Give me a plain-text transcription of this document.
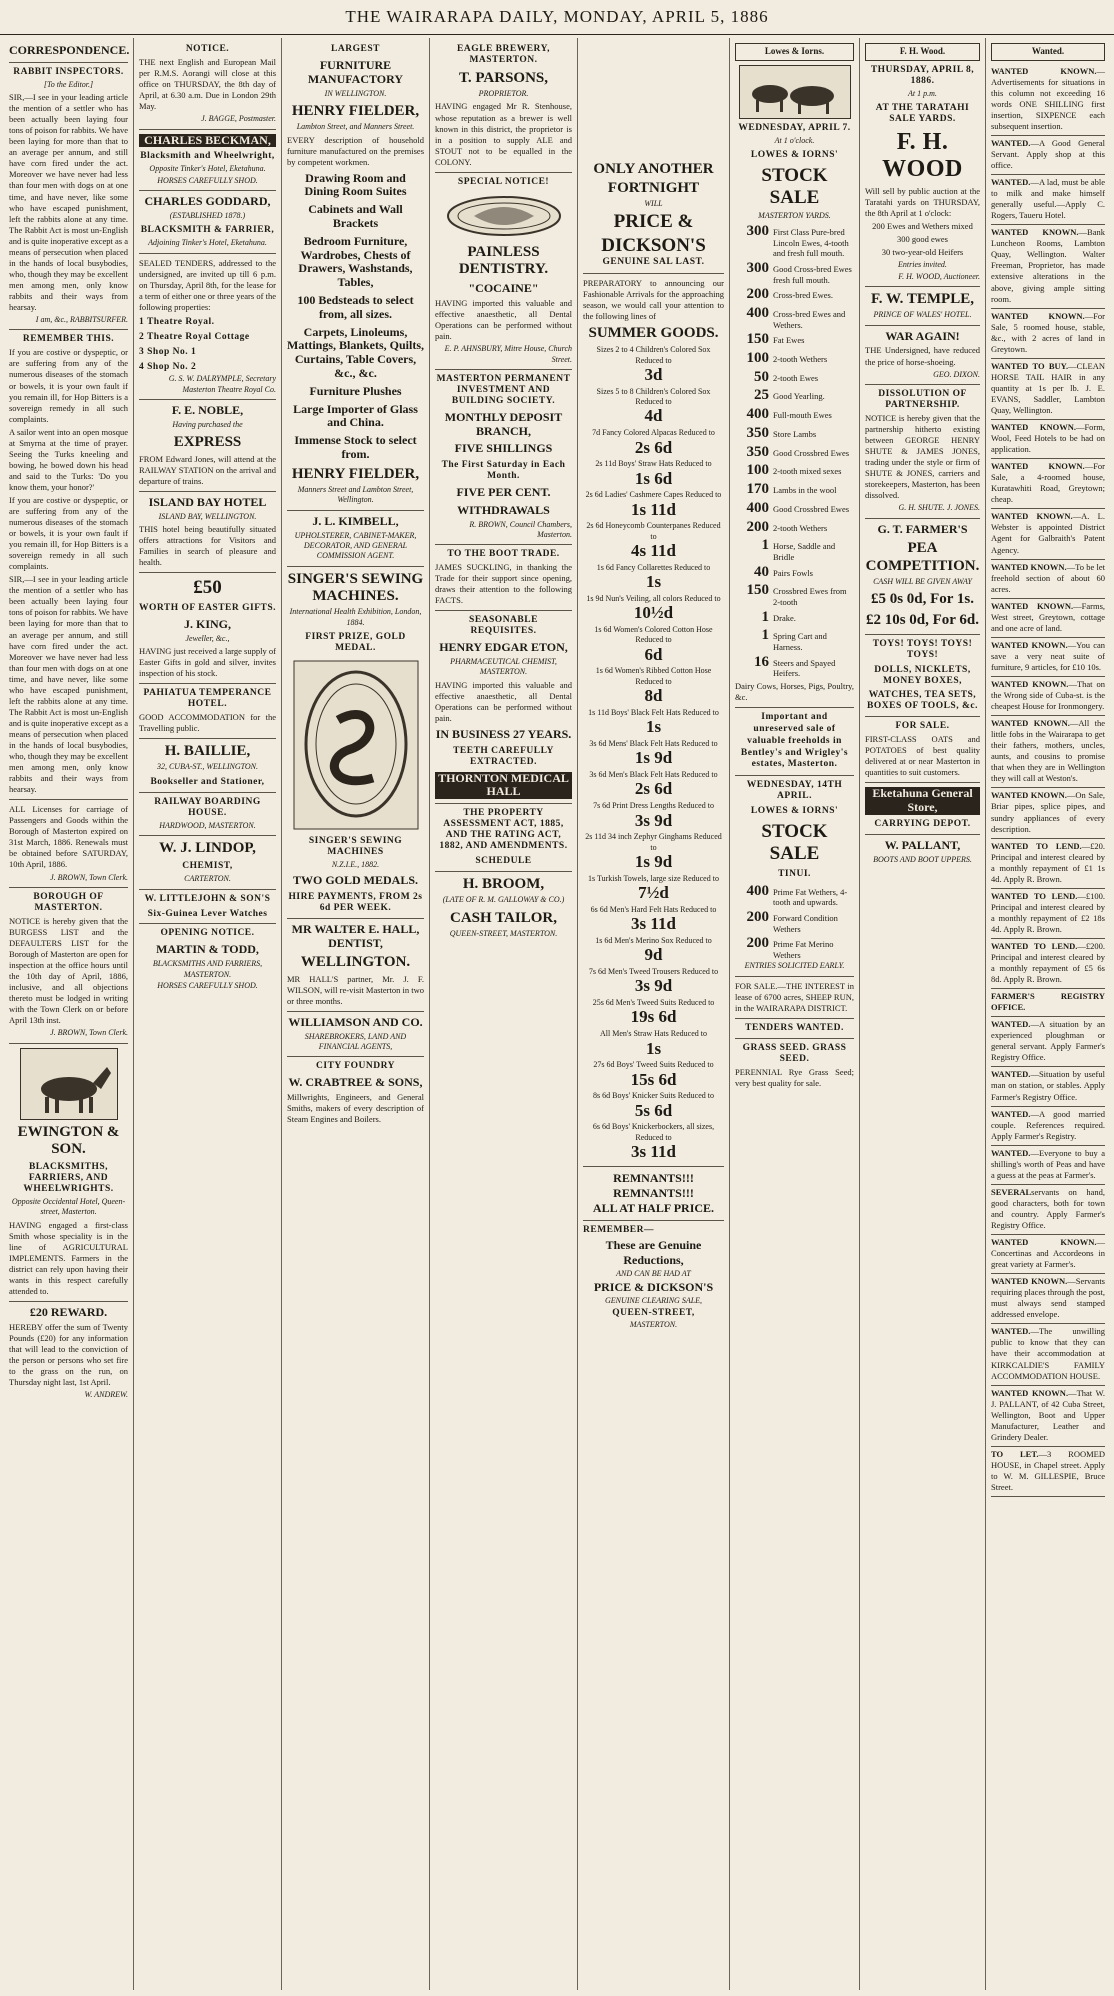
THE WAIRARAPA DAILY, MONDAY, APRIL 5, 1886
CORRESPONDENCE.
RABBIT INSPECTORS.
[To the Editor.]
SIR,—I see in your leading article the mention of a settler who has been actually been laying four tons of poison for rabbits. We have been laying for more than that to an average per annum, and still have corn fired under the act. Moreover we have never had less than four men with dogs on at one time, and have never, like some who have escaped punishment, left the rabbits alone at any time. The Rabbit Act is most un-English and is quite inoperative except as a means of persecution when placed in the hands of local busybodies, who, though they may be excellent men among men, only know rabbits and their ways from hearsay.
I am, &c., RABBITSURFER.
REMEMBER THIS.
If you are costive or dyspeptic, or are suffering from any of the numerous diseases of the stomach or bowels, it is your own fault if you remain ill, for Hop Bitters is a sovereign remedy in all such complaints.
A sailor went into an open mosque at Smyrna at the time of prayer. Seeing the Turks kneeling and bowing, he bowed down his head and said to the Turks: 'Do you know them, your honor?'
If you are costive or dyspeptic, or are suffering from any of the numerous diseases of the stomach or bowels, it is your own fault if you remain ill, for Hop Bitters is a sovereign remedy in all such complaints.
SIR,—I see in your leading article the mention of a settler who has been actually been laying four tons of poison for rabbits. We have been laying for more than that to an average per annum, and still have corn fired under the act. Moreover we have never had less than four men with dogs on at one time, and have never, like some who have escaped punishment, left the rabbits alone at any time. The Rabbit Act is most un-English and is quite inoperative except as a means of persecution when placed in the hands of local busybodies, who, though they may be excellent men among men, only know rabbits and their ways from hearsay.
ALL Licenses for carriage of Passengers and Goods within the Borough of Masterton expired on 31st March, 1886. Renewals must be obtained before SATURDAY, 10th April, 1886.
J. BROWN, Town Clerk.
BOROUGH OF MASTERTON.
NOTICE is hereby given that the BURGESS LIST and the DEFAULTERS LIST for the Borough of Masterton are open for inspection at the office hours until the 10th day of April, 1886, inclusive, and all objections thereto must be lodged in writing with the Town Clerk on or before April 13th inst.
J. BROWN, Town Clerk.
EWINGTON & SON.
BLACKSMITHS, FARRIERS, AND WHEELWRIGHTS.
Opposite Occidental Hotel, Queen-street, Masterton.
HAVING engaged a first-class Smith whose speciality is in the line of AGRICULTURAL IMPLEMENTS. Farmers in the district can rely upon having their wants in this respect carefully attended to.
£20 REWARD.
HEREBY offer the sum of Twenty Pounds (£20) for any information that will lead to the conviction of the person or persons who set fire to the grass on the run, on Thursday night last, 1st April.
W. ANDREW.
NOTICE.
THE next English and European Mail per R.M.S. Aorangi will close at this office on THURSDAY, the 8th day of April, at 6.30 a.m. Due in London 29th May.
J. BAGGE, Postmaster.
CHARLES BECKMAN,
Blacksmith and Wheelwright,
Opposite Tinker's Hotel, Eketahuna.
HORSES CAREFULLY SHOD.
CHARLES GODDARD,
(ESTABLISHED 1878.)
BLACKSMITH & FARRIER,
Adjoining Tinker's Hotel, Eketahuna.
SEALED TENDERS, addressed to the undersigned, are invited up till 6 p.m. on Thursday, April 8th, for the lease for a term of either one or three years of the following properties:
1 Theatre Royal.
2 Theatre Royal Cottage
3 Shop No. 1
4 Shop No. 2
G. S. W. DALRYMPLE, Secretary Masterton Theatre Royal Co.
F. E. NOBLE,
Having purchased the
EXPRESS
FROM Edward Jones, will attend at the RAILWAY STATION on the arrival and departure of trains.
ISLAND BAY HOTEL
ISLAND BAY, WELLINGTON.
THIS hotel being beautifully situated offers attractions for Visitors and Families in search of pleasure and health.
£50
WORTH OF EASTER GIFTS.
J. KING,
Jeweller, &c.,
HAVING just received a large supply of Easter Gifts in gold and silver, invites inspection of his stock.
PAHIATUA TEMPERANCE HOTEL.
GOOD ACCOMMODATION for the Travelling public.
H. BAILLIE,
32, CUBA-ST., WELLINGTON.
Bookseller and Stationer,
RAILWAY BOARDING HOUSE.
HARDWOOD, MASTERTON.
W. J. LINDOP,
CHEMIST,
CARTERTON.
W. LITTLEJOHN & SON'S
Six-Guinea Lever Watches
OPENING NOTICE.
MARTIN & TODD,
BLACKSMITHS AND FARRIERS, MASTERTON.
HORSES CAREFULLY SHOD.
LARGEST
FURNITURE MANUFACTORY
IN WELLINGTON.
HENRY FIELDER,
Lambton Street, and Manners Street.
EVERY description of household furniture manufactured on the premises by competent workmen.
Drawing Room and Dining Room Suites
Cabinets and Wall Brackets
Bedroom Furniture, Wardrobes, Chests of Drawers, Washstands, Tables,
100 Bedsteads to select from, all sizes.
Carpets, Linoleums, Mattings, Blankets, Quilts, Curtains, Table Covers, &c., &c.
Furniture Plushes
Large Importer of Glass and China.
Immense Stock to select from.
HENRY FIELDER,
Manners Street and Lambton Street, Wellington.
J. L. KIMBELL,
UPHOLSTERER, CABINET-MAKER, DECORATOR, AND GENERAL COMMISSION AGENT.
SINGER'S SEWING MACHINES.
International Health Exhibition, London, 1884.
FIRST PRIZE, GOLD MEDAL.
SINGER'S SEWING MACHINES
N.Z.I.E., 1882.
TWO GOLD MEDALS.
HIRE PAYMENTS, FROM 2s 6d PER WEEK.
MR WALTER E. HALL, DENTIST,
WELLINGTON.
MR HALL'S partner, Mr. J. F. WILSON, will re-visit Masterton in two or three months.
WILLIAMSON AND CO.
SHAREBROKERS, LAND AND FINANCIAL AGENTS,
CITY FOUNDRY
W. CRABTREE & SONS,
Millwrights, Engineers, and General Smiths, makers of every description of Steam Engines and Boilers.
EAGLE BREWERY, MASTERTON.
T. PARSONS,
PROPRIETOR.
HAVING engaged Mr R. Stenhouse, whose reputation as a brewer is well known in this district, the proprietor is in a position to supply ALE and STOUT not to be equalled in the COLONY.
SPECIAL NOTICE!
PAINLESS DENTISTRY.
"COCAINE"
HAVING imported this valuable and effective anaesthetic, all Dental Operations can be performed without pain.
E. P. AHNSBURY, Mitre House, Church Street.
MASTERTON PERMANENT INVESTMENT AND BUILDING SOCIETY.
MONTHLY DEPOSIT BRANCH,
FIVE SHILLINGS
The First Saturday in Each Month.
FIVE PER CENT.
WITHDRAWALS
R. BROWN, Council Chambers, Masterton.
TO THE BOOT TRADE.
JAMES SUCKLING, in thanking the Trade for their support since opening, draws their attention to the following FACTS.
SEASONABLE REQUISITES.
HENRY EDGAR ETON,
PHARMACEUTICAL CHEMIST, MASTERTON.
HAVING imported this valuable and effective anaesthetic, all Dental Operations can be performed without pain.
IN BUSINESS 27 YEARS.
TEETH CAREFULLY EXTRACTED.
THORNTON MEDICAL HALL
THE PROPERTY ASSESSMENT ACT, 1885, AND THE RATING ACT, 1882, AND AMENDMENTS.
SCHEDULE
H. BROOM,
(LATE OF R. M. GALLOWAY & CO.)
CASH TAILOR,
QUEEN-STREET, MASTERTON.
ONLY ANOTHER FORTNIGHT
WILL
PRICE & DICKSON'S
GENUINE SAL LAST.
PREPARATORY to announcing our Fashionable Arrivals for the approaching season, we would call your attention to the following lines of
SUMMER GOODS.
Sizes 2 to 4 Children's Colored Sox Reduced to
3d
Sizes 5 to 8 Children's Colored Sox Reduced to
4d
7d Fancy Colored Alpacas Reduced to
2s 6d
2s 11d Boys' Straw Hats Reduced to
1s 6d
2s 6d Ladies' Cashmere Capes Reduced to
1s 11d
2s 6d Honeycomb Counterpanes Reduced to
4s 11d
1s 6d Fancy Collarettes Reduced to
1s
1s 9d Nun's Veiling, all colors Reduced to
10½d
1s 6d Women's Colored Cotton Hose Reduced to
6d
1s 6d Women's Ribbed Cotton Hose Reduced to
8d
1s 11d Boys' Black Felt Hats Reduced to
1s
3s 6d Mens' Black Felt Hats Reduced to
1s 9d
3s 6d Men's Black Felt Hats Reduced to
2s 6d
7s 6d Print Dress Lengths Reduced to
3s 9d
2s 11d 34 inch Zephyr Ginghams Reduced to
1s 9d
1s Turkish Towels, large size Reduced to
7½d
6s 6d Men's Hard Felt Hats Reduced to
3s 11d
1s 6d Men's Merino Sox Reduced to
9d
7s 6d Men's Tweed Trousers Reduced to
3s 9d
25s 6d Men's Tweed Suits Reduced to
19s 6d
All Men's Straw Hats Reduced to
1s
27s 6d Boys' Tweed Suits Reduced to
15s 6d
8s 6d Boys' Knicker Suits Reduced to
5s 6d
6s 6d Boys' Knickerbockers, all sizes, Reduced to
3s 11d
REMNANTS!!! REMNANTS!!!
ALL AT HALF PRICE.
REMEMBER—
These are Genuine Reductions,
AND CAN BE HAD AT
PRICE & DICKSON'S
GENUINE CLEARING SALE,
QUEEN-STREET,
MASTERTON.
Lowes & Iorns.
WEDNESDAY, APRIL 7.
At 1 o'clock.
LOWES & IORNS'
STOCK SALE
MASTERTON YARDS.
300 First Class Pure-bred Lincoln Ewes, 4-tooth and fresh full mouth.
300 Good Cross-bred Ewes fresh full mouth.
200 Cross-bred Ewes.
400 Cross-bred Ewes and Wethers.
150 Fat Ewes
100 2-tooth Wethers
50 2-tooth Ewes
25 Good Yearling.
400 Full-mouth Ewes
350 Store Lambs
350 Good Crossbred Ewes
100 2-tooth mixed sexes
170 Lambs in the wool
400 Good Crossbred Ewes
200 2-tooth Wethers
1 Horse, Saddle and Bridle
40 Pairs Fowls
150 Crossbred Ewes from 2-tooth
1 Drake.
1 Spring Cart and Harness.
16 Steers and Spayed Heifers.
Dairy Cows, Horses, Pigs, Poultry, &c.
Important and unreserved sale of valuable freeholds in Bentley's and Wrigley's estates, Masterton.
WEDNESDAY, 14TH APRIL.
LOWES & IORNS'
STOCK SALE
TINUI.
400 Prime Fat Wethers, 4-tooth and upwards.
200 Forward Condition Wethers
200 Prime Fat Merino Wethers
ENTRIES SOLICITED EARLY.
FOR SALE.—THE INTEREST in lease of 6700 acres, SHEEP RUN, in the WAIRARAPA DISTRICT.
TENDERS WANTED.
GRASS SEED. GRASS SEED.
PERENNIAL Rye Grass Seed; very best quality for sale.
F. H. Wood.
THURSDAY, APRIL 8, 1886.
At 1 p.m.
AT THE TARATAHI SALE YARDS.
F. H. WOOD
Will sell by public auction at the Taratahi yards on THURSDAY, the 8th April at 1 o'clock:
200 Ewes and Wethers mixed
300 good ewes
30 two-year-old Heifers
Entries invited.
F. H. WOOD, Auctioneer.
F. W. TEMPLE,
PRINCE OF WALES' HOTEL.
WAR AGAIN!
THE Undersigned, have reduced the price of horse-shoeing.
GEO. DIXON.
DISSOLUTION OF PARTNERSHIP.
NOTICE is hereby given that the partnership hitherto existing between GEORGE HENRY SHUTE & JAMES JONES, trading under the style or firm of SHUTE & JONES, carriers and storekeepers, Masterton, has been dissolved.
G. H. SHUTE. J. JONES.
G. T. FARMER'S
PEA COMPETITION.
CASH WILL BE GIVEN AWAY
£5 0s 0d, For 1s.
£2 10s 0d, For 6d.
TOYS! TOYS! TOYS! TOYS!
DOLLS, NICKLETS, MONEY BOXES,
WATCHES, TEA SETS, BOXES OF TOOLS, &c.
FOR SALE.
FIRST-CLASS OATS and POTATOES of best quality delivered at or near Masterton in quantities to suit customers.
Eketahuna General Store,
CARRYING DEPOT.
W. PALLANT,
BOOTS AND BOOT UPPERS.
Wanted.
WANTED KNOWN.—Advertisements for situations in this column not exceeding 16 words ONE SHILLING first insertion, SIXPENCE each subsequent insertion.
WANTED.—A Good General Servant. Apply shop at this office.
WANTED.—A lad, must be able to milk and make himself generally useful.—Apply C. Rogers, Taueru Hotel.
WANTED KNOWN.—Bank Luncheon Rooms, Lambton Quay, Wellington. Walter Freeman, Proprietor, has made extensive alterations in the above, giving ample sitting room.
WANTED KNOWN.—For Sale, 5 roomed house, stable, &c., with 2 acres of land in Greytown.
WANTED TO BUY.—CLEAN HORSE TAIL HAIR in any quantity at 1s per lb. J. E. EVANS, Saddler, Lambton Quay, Wellington.
WANTED KNOWN.—Form, Wool, Feed Hotels to be had on application.
WANTED KNOWN.—For Sale, a 4-roomed house, Kuratawhiti Road, Greytown; cheap.
WANTED KNOWN.—A. L. Webster is appointed District Agent for Galbraith's Patent Agency.
WANTED KNOWN.—To be let freehold section of about 60 acres.
WANTED KNOWN.—Farms, West street, Greytown, cottage and one acre of land.
WANTED KNOWN.—You can save a very neat suite of furniture, 9 articles, for £10 10s.
WANTED KNOWN.—That on the Wrong side of Cuba-st. is the cheapest House for Ironmongery.
WANTED KNOWN.—All the little fobs in the Wairarapa to get their fathers, mothers, uncles, aunts, and cousins to promise that when they are in Wellington they will call at Weston's.
WANTED KNOWN.—On Sale, Briar pipes, splice pipes, and sundry appliances of every description.
WANTED TO LEND.—£20. Principal and interest cleared by a monthly repayment of £1 1s 4d. Apply R. Brown.
WANTED TO LEND.—£100. Principal and interest cleared by a monthly repayment of £2 18s 4d. Apply R. Brown.
WANTED TO LEND.—£200. Principal and interest cleared by a monthly repayment of £5 6s 8d. Apply R. Brown.
FARMER'S REGISTRY OFFICE.
WANTED.—A situation by an experienced ploughman or general servant. Apply Farmer's Registry Office.
WANTED.—Situation by useful man on station, or stables. Apply Farmer's Registry Office.
WANTED.—A good married couple. References required. Apply Farmer's Registry.
WANTED.—Everyone to buy a shilling's worth of Peas and have a guess at the peas at Farmer's.
SEVERALservants on hand, good characters, both for town and country. Apply Farmer's Registry Office.
WANTED KNOWN.—Concertinas and Accordeons in great variety at Farmer's.
WANTED KNOWN.—Servants requiring places through the post, must always send stamped addressed envelope.
WANTED.—The unwilling public to know that they can have their accommodation at KIRKCALDIE'S FAMILY ACCOMMODATION HOUSE.
WANTED KNOWN.—That W. J. PALLANT, of 42 Cuba Street, Wellington, Boot and Upper Manufacturer, Leather and Grindery Dealer.
TO LET.—3 ROOMED HOUSE, in Chapel street. Apply to W. M. GILLESPIE, Bruce Street.
